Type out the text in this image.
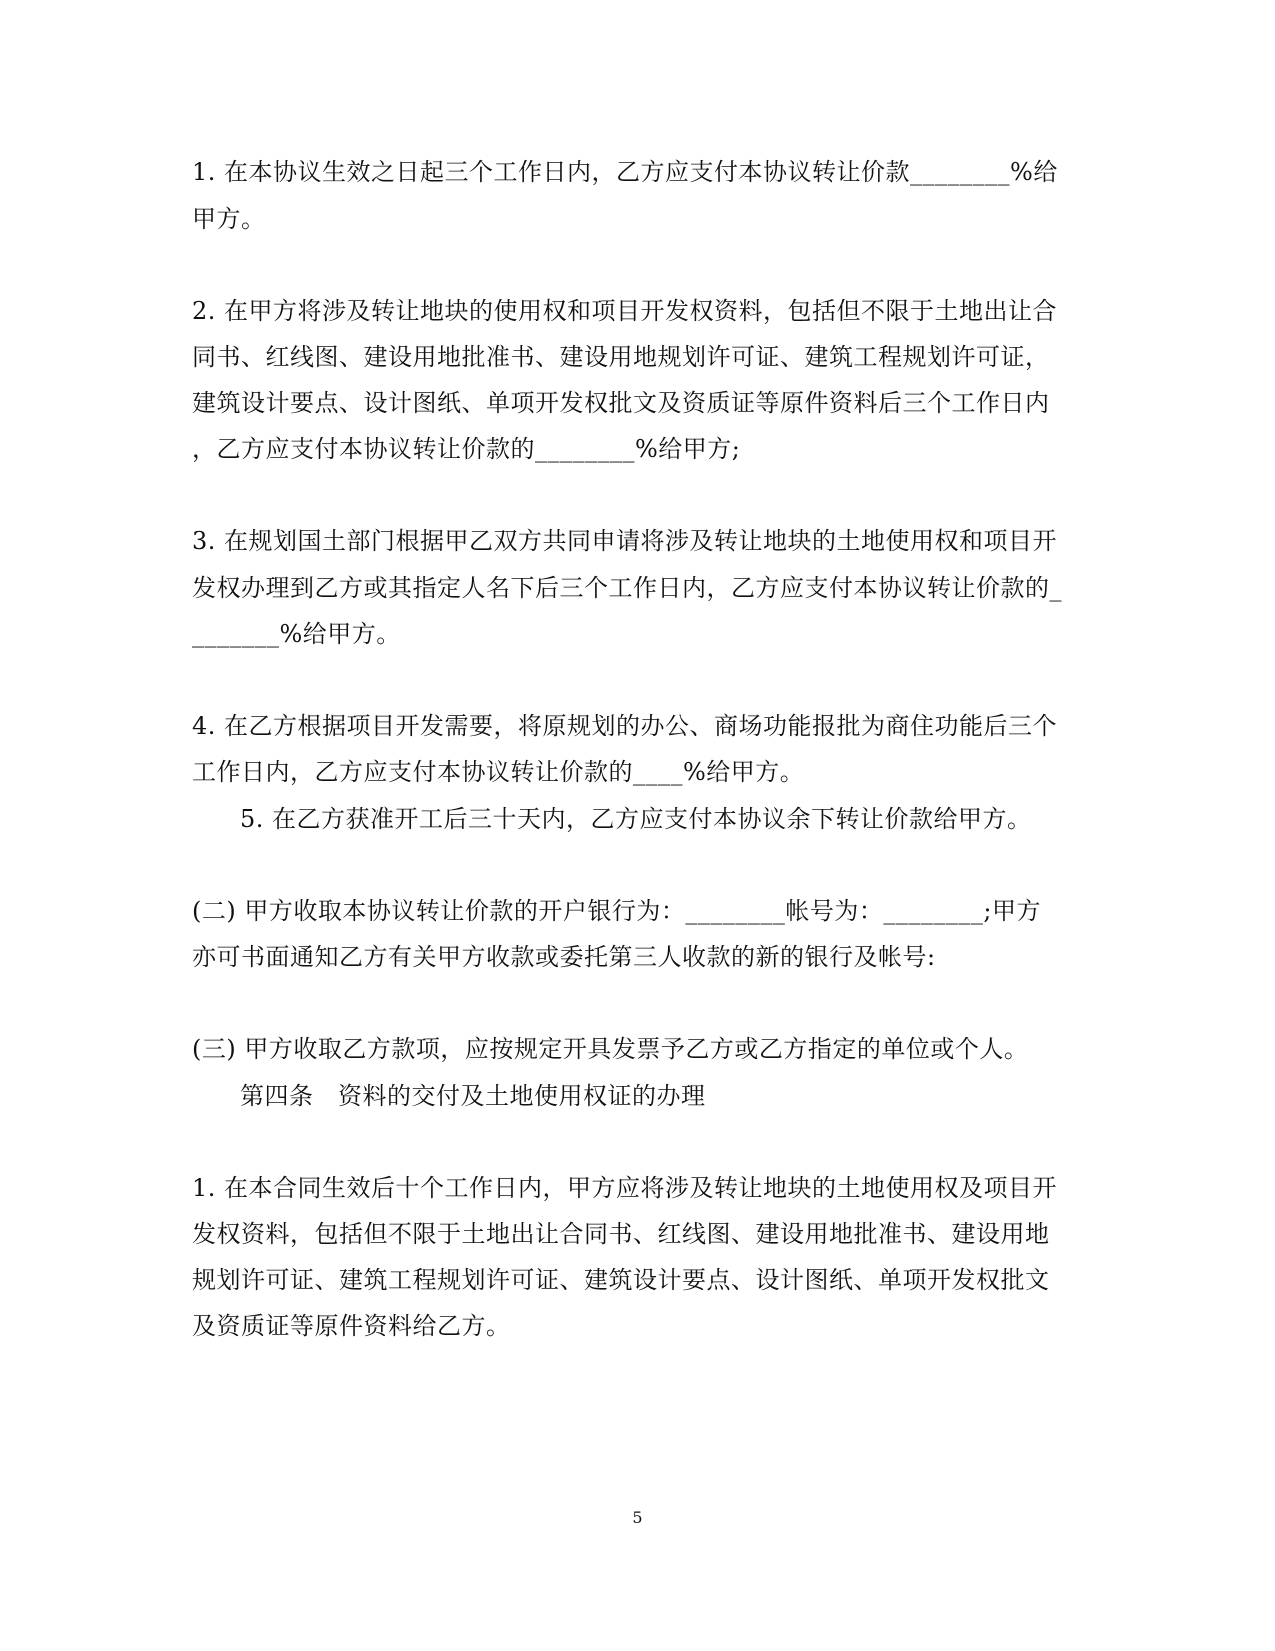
1. 在本协议生效之日起三个工作日内，乙方应支付本协议转让价款________%给
甲方。
2. 在甲方将涉及转让地块的使用权和项目开发权资料，包括但不限于土地出让合
同书、红线图、建设用地批准书、建设用地规划许可证、建筑工程规划许可证，
建筑设计要点、设计图纸、单项开发权批文及资质证等原件资料后三个工作日内
，乙方应支付本协议转让价款的________%给甲方;
3. 在规划国土部门根据甲乙双方共同申请将涉及转让地块的土地使用权和项目开
发权办理到乙方或其指定人名下后三个工作日内，乙方应支付本协议转让价款的_
_______%给甲方。
4. 在乙方根据项目开发需要，将原规划的办公、商场功能报批为商住功能后三个
工作日内，乙方应支付本协议转让价款的____%给甲方。
5. 在乙方获准开工后三十天内，乙方应支付本协议余下转让价款给甲方。
(二) 甲方收取本协议转让价款的开户银行为：________帐号为：________;甲方
亦可书面通知乙方有关甲方收款或委托第三人收款的新的银行及帐号:
(三) 甲方收取乙方款项，应按规定开具发票予乙方或乙方指定的单位或个人。
第四条　资料的交付及土地使用权证的办理
1. 在本合同生效后十个工作日内，甲方应将涉及转让地块的土地使用权及项目开
发权资料，包括但不限于土地出让合同书、红线图、建设用地批准书、建设用地
规划许可证、建筑工程规划许可证、建筑设计要点、设计图纸、单项开发权批文
及资质证等原件资料给乙方。
5
